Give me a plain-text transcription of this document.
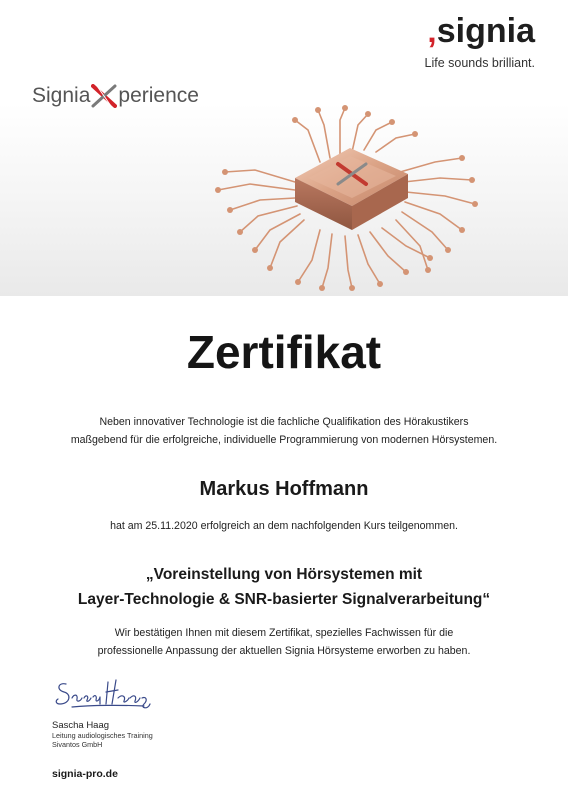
‚signia
Life sounds brilliant.
Signia perience
Zertifikat
Neben innovativer Technologie ist die fachliche Qualifikation des Hörakustikers
maßgebend für die erfolgreiche, individuelle Programmierung von modernen Hörsystemen.
Markus Hoffmann
hat am 25.11.2020 erfolgreich an dem nachfolgenden Kurs teilgenommen.
„Voreinstellung von Hörsystemen mit
Layer-Technologie & SNR-basierter Signalverarbeitung“
Wir bestätigen Ihnen mit diesem Zertifikat, spezielles Fachwissen für die
professionelle Anpassung der aktuellen Signia Hörsysteme erworben zu haben.
Sascha Haag
Leitung audiologisches Training
Sivantos GmbH
signia-pro.de
